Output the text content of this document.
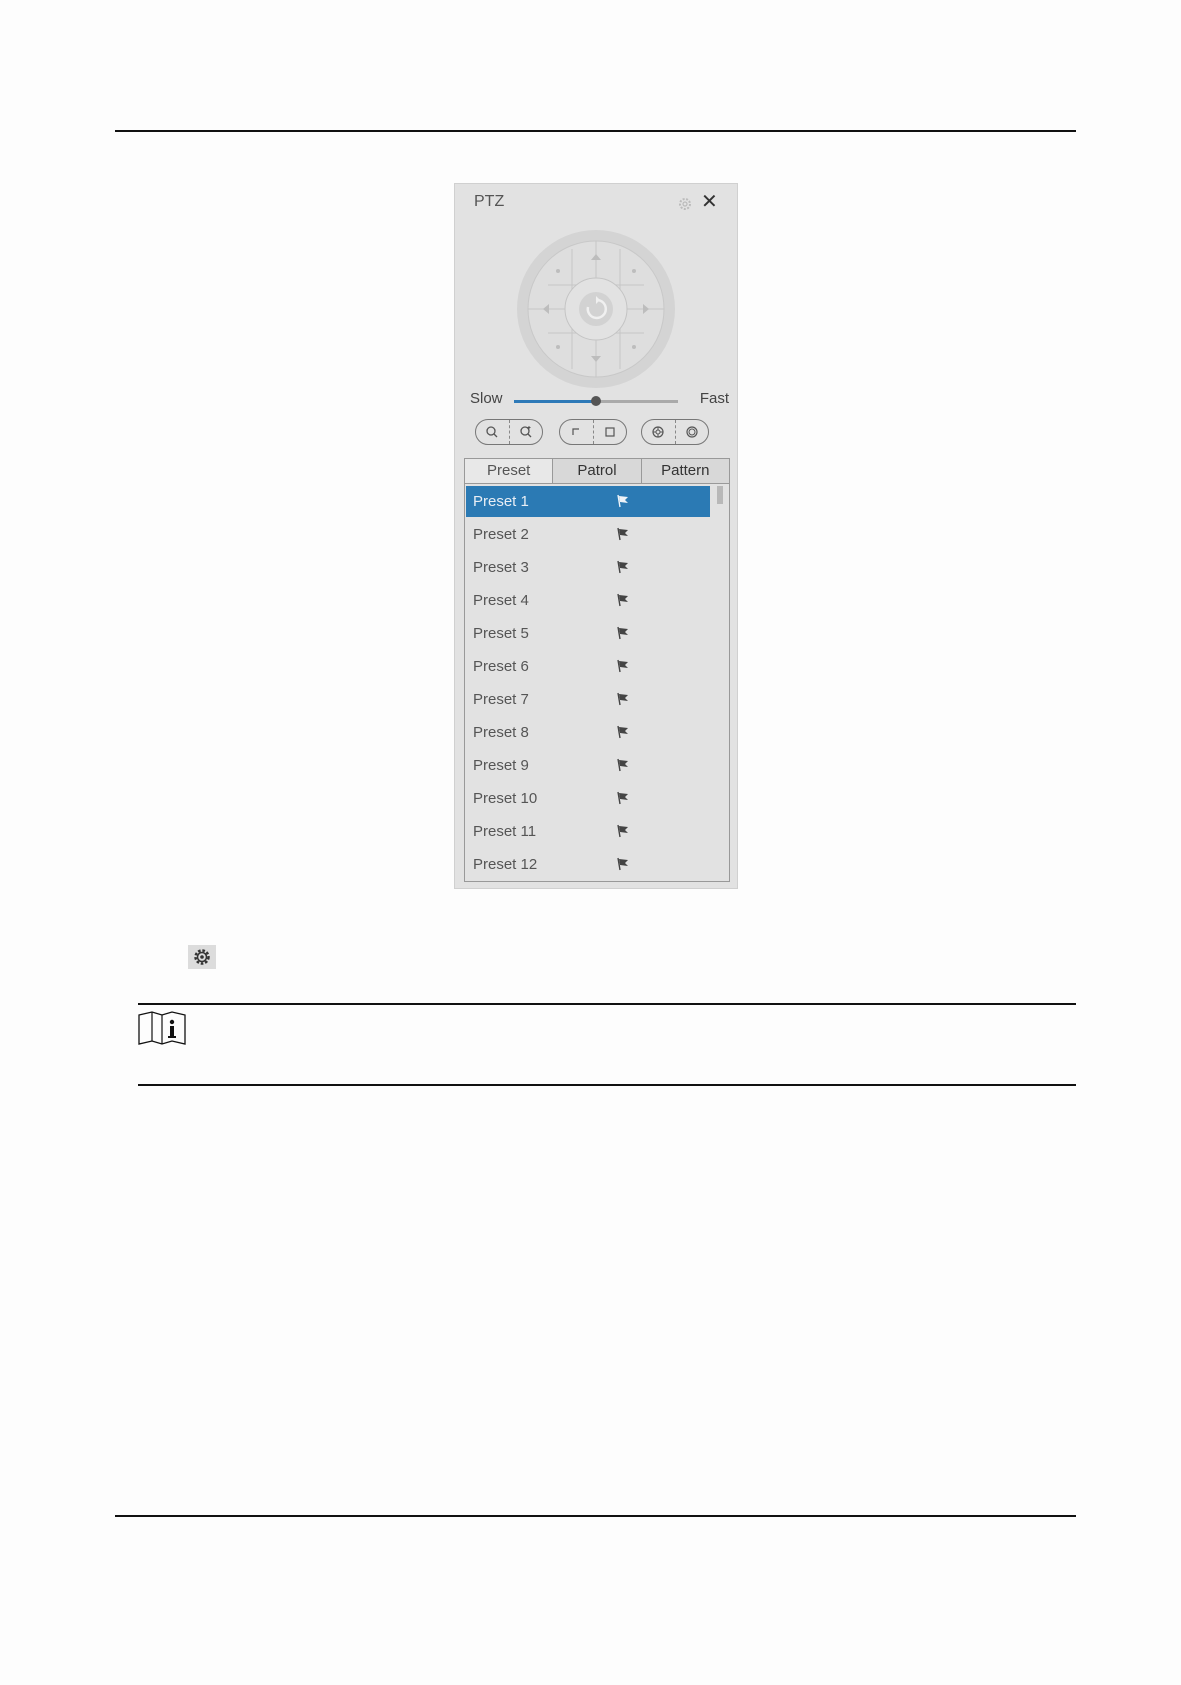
PTZ	✕
Slow	Fast
Preset	Patrol	Pattern
Preset 1
Preset 2
Preset 3
Preset 4
Preset 5
Preset 6
Preset 7
Preset 8
Preset 9
Preset 10
Preset 11
Preset 12
